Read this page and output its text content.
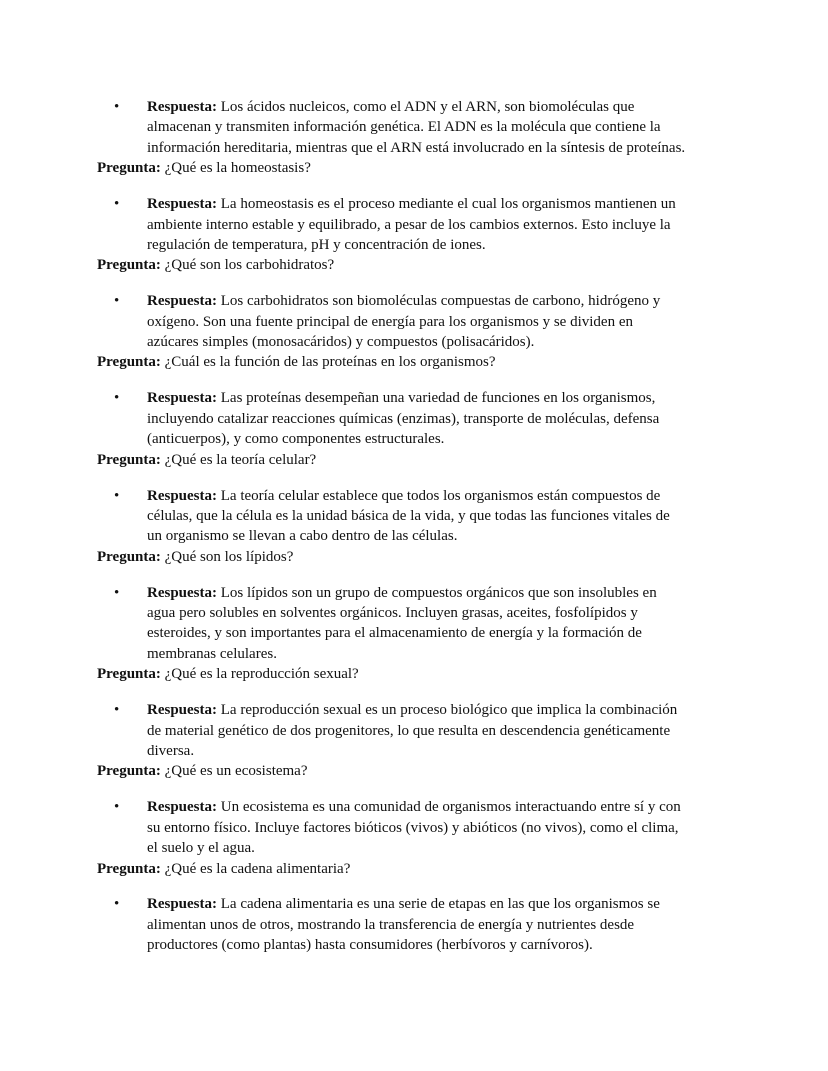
• Respuesta: Los ácidos nucleicos, como el ADN y el ARN, son biomoléculas que
almacenan y transmiten información genética. El ADN es la molécula que contiene la
información hereditaria, mientras que el ARN está involucrado en la síntesis de proteínas.
Pregunta: ¿Qué es la homeostasis?
• Respuesta: La homeostasis es el proceso mediante el cual los organismos mantienen un
ambiente interno estable y equilibrado, a pesar de los cambios externos. Esto incluye la
regulación de temperatura, pH y concentración de iones.
Pregunta: ¿Qué son los carbohidratos?
• Respuesta: Los carbohidratos son biomoléculas compuestas de carbono, hidrógeno y
oxígeno. Son una fuente principal de energía para los organismos y se dividen en
azúcares simples (monosacáridos) y compuestos (polisacáridos).
Pregunta: ¿Cuál es la función de las proteínas en los organismos?
• Respuesta: Las proteínas desempeñan una variedad de funciones en los organismos,
incluyendo catalizar reacciones químicas (enzimas), transporte de moléculas, defensa
(anticuerpos), y como componentes estructurales.
Pregunta: ¿Qué es la teoría celular?
• Respuesta: La teoría celular establece que todos los organismos están compuestos de
células, que la célula es la unidad básica de la vida, y que todas las funciones vitales de
un organismo se llevan a cabo dentro de las células.
Pregunta: ¿Qué son los lípidos?
• Respuesta: Los lípidos son un grupo de compuestos orgánicos que son insolubles en
agua pero solubles en solventes orgánicos. Incluyen grasas, aceites, fosfolípidos y
esteroides, y son importantes para el almacenamiento de energía y la formación de
membranas celulares.
Pregunta: ¿Qué es la reproducción sexual?
• Respuesta: La reproducción sexual es un proceso biológico que implica la combinación
de material genético de dos progenitores, lo que resulta en descendencia genéticamente
diversa.
Pregunta: ¿Qué es un ecosistema?
• Respuesta: Un ecosistema es una comunidad de organismos interactuando entre sí y con
su entorno físico. Incluye factores bióticos (vivos) y abióticos (no vivos), como el clima,
el suelo y el agua.
Pregunta: ¿Qué es la cadena alimentaria?
• Respuesta: La cadena alimentaria es una serie de etapas en las que los organismos se
alimentan unos de otros, mostrando la transferencia de energía y nutrientes desde
productores (como plantas) hasta consumidores (herbívoros y carnívoros).
